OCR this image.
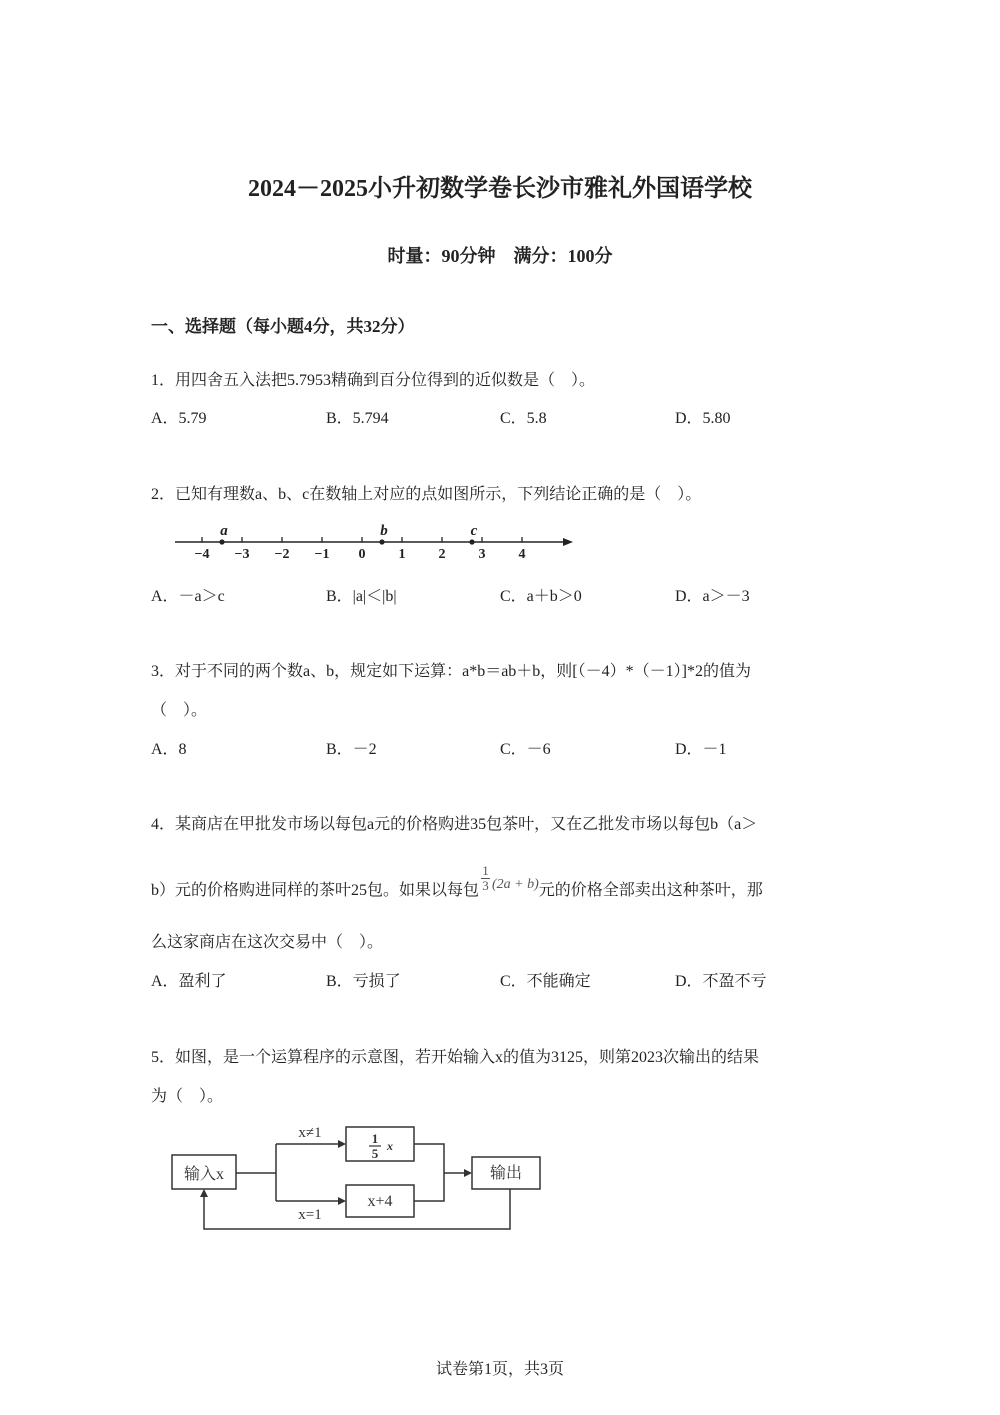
2024－2025小升初数学卷长沙市雅礼外国语学校
时量：90分钟　满分：100分
一、选择题（每小题4分，共32分）
1．用四舍五入法把5.7953精确到百分位得到的近似数是（　）。
A．5.79	B．5.794	C．5.8	D．5.80
2．已知有理数a、b、c在数轴上对应的点如图所示，下列结论正确的是（　）。
−4 −3 −2 −1 0 1 2 3 4
a	b	c
A．－a＞c	B．|a|＜|b|	C．a＋b＞0	D．a＞－3
3．对于不同的两个数a、b，规定如下运算：a*b＝ab＋b，则[（－4）*（－1）]*2的值为
（　）。
A．8	B．－2	C．－6	D．－1
4．某商店在甲批发市场以每包a元的价格购进35包茶叶，又在乙批发市场以每包b（a＞
b）元的价格购进同样的茶叶25包。如果以每包
1
3 (2a + b) 元的价格全部卖出这种茶叶，那
么这家商店在这次交易中（　）。
A．盈利了	B．亏损了	C．不能确定	D．不盈不亏
5．如图，是一个运算程序的示意图，若开始输入x的值为3125，则第2023次输出的结果
为（　）。
输入x
x≠1
x=1
1
5 x
x+4
输出
试卷第1页，共3页
